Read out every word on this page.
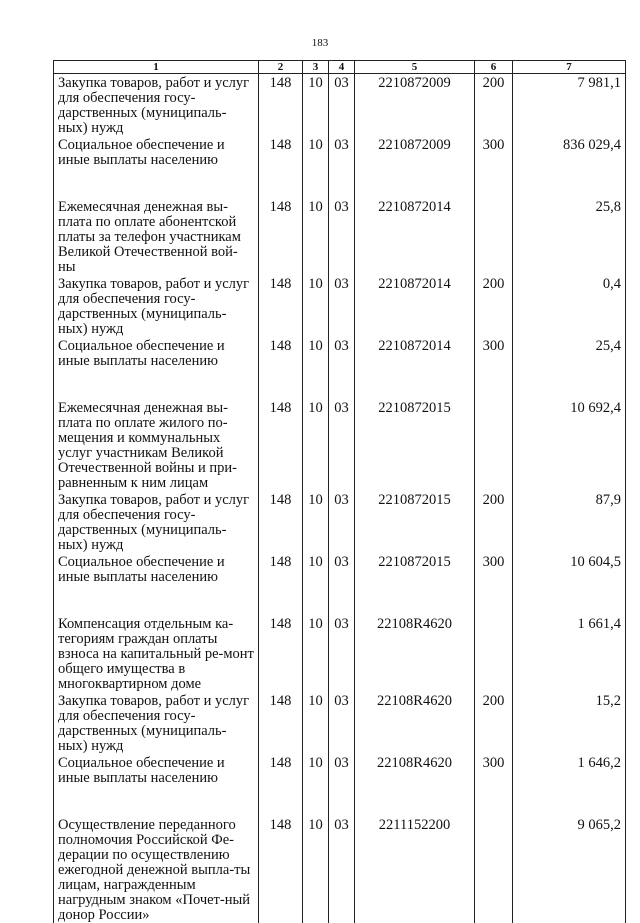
183
1	2	3	4	5	6	7
Закупка товаров, работ и услуг для обеспечения госу-дарственных (муниципаль-ных) нужд	148	10	03	2210872009	200	7 981,1
Социальное обеспечение и иные выплаты населению	148	10	03	2210872009	300	836 029,4
Ежемесячная денежная вы-плата по оплате абонентской платы за телефон участникам Великой Отечественной вой-ны	148	10	03	2210872014		25,8
Закупка товаров, работ и услуг для обеспечения госу-дарственных (муниципаль-ных) нужд	148	10	03	2210872014	200	0,4
Социальное обеспечение и иные выплаты населению	148	10	03	2210872014	300	25,4
Ежемесячная денежная вы-плата по оплате жилого по-мещения и коммунальных услуг участникам Великой Отечественной войны и при-равненным к ним лицам	148	10	03	2210872015		10 692,4
Закупка товаров, работ и услуг для обеспечения госу-дарственных (муниципаль-ных) нужд	148	10	03	2210872015	200	87,9
Социальное обеспечение и иные выплаты населению	148	10	03	2210872015	300	10 604,5
Компенсация отдельным ка-тегориям граждан оплаты взноса на капитальный ре-монт общего имущества в многоквартирном доме	148	10	03	22108R4620		1 661,4
Закупка товаров, работ и услуг для обеспечения госу-дарственных (муниципаль-ных) нужд	148	10	03	22108R4620	200	15,2
Социальное обеспечение и иные выплаты населению	148	10	03	22108R4620	300	1 646,2
Осуществление переданного полномочия Российской Фе-дерации по осуществлению ежегодной денежной выпла-ты лицам, награжденным нагрудным знаком «Почет-ный донор России»	148	10	03	2211152200		9 065,2
